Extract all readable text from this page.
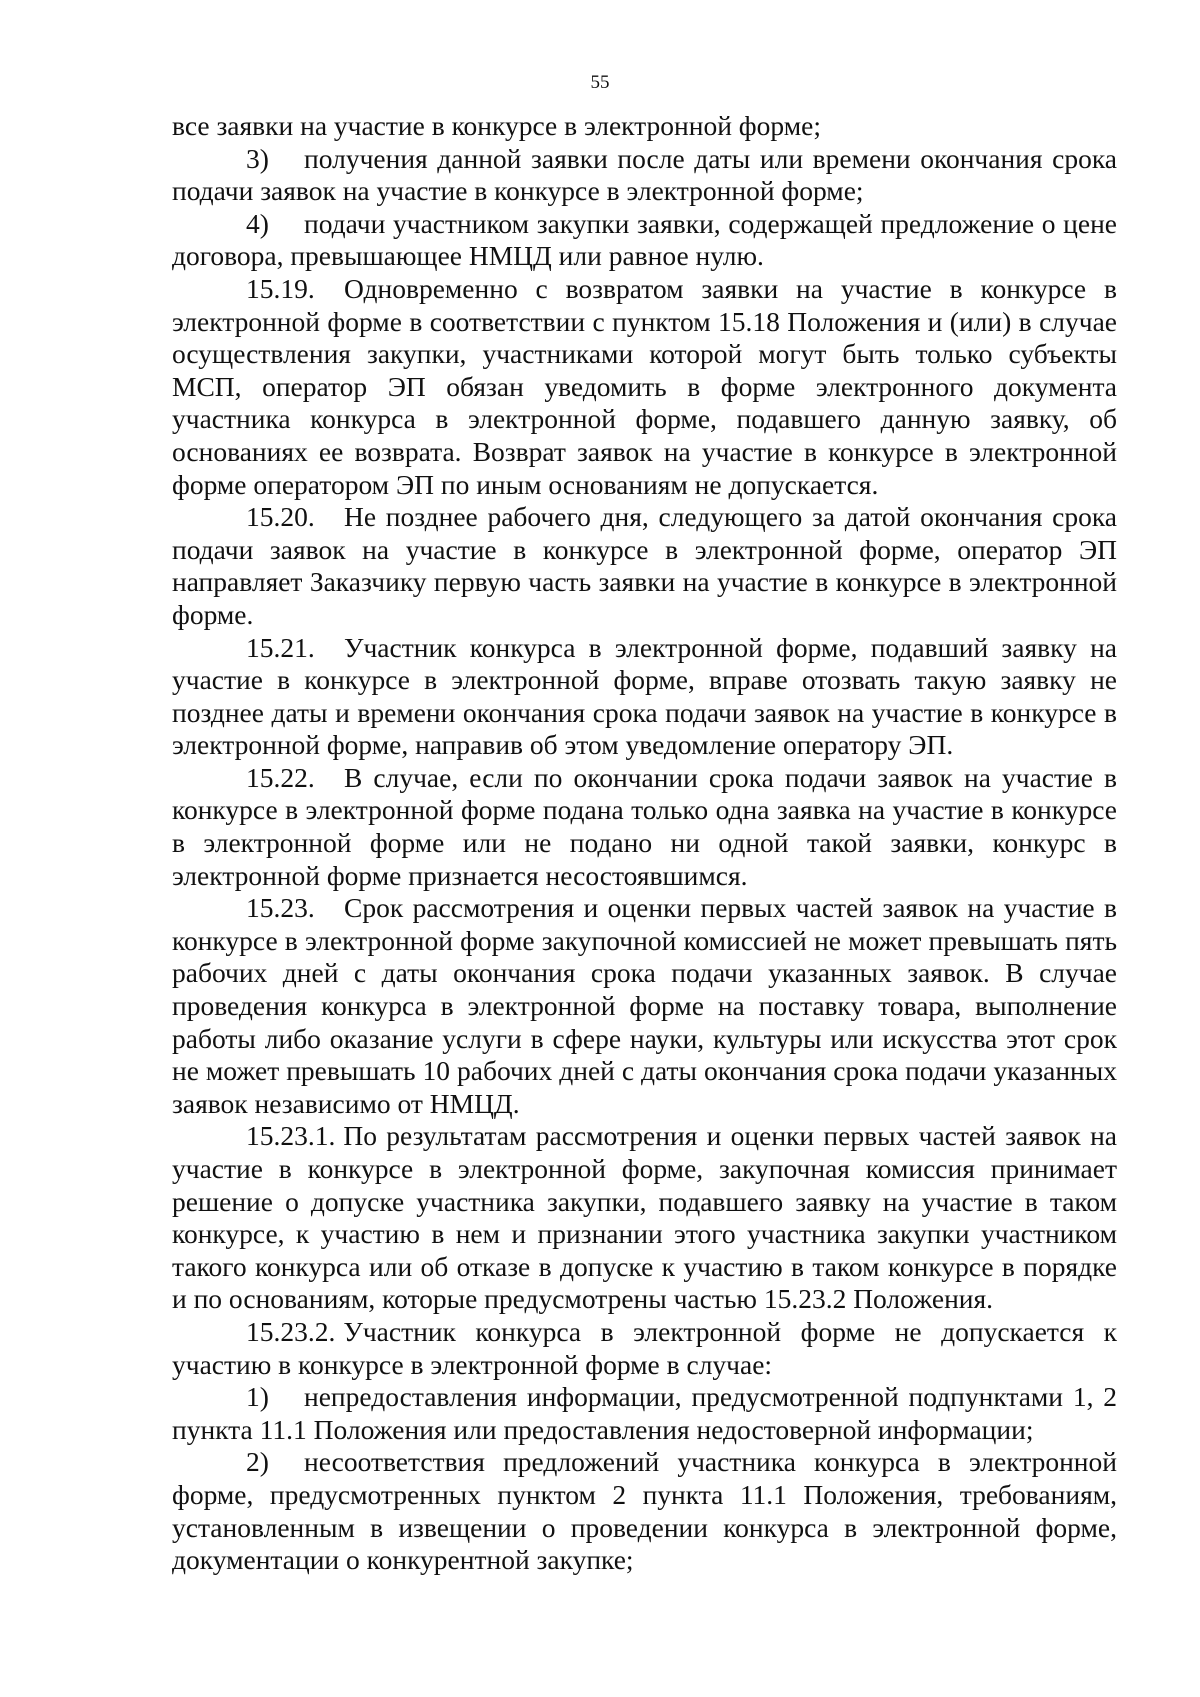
55

все заявки на участие в конкурсе в электронной форме;

3) получения данной заявки после даты или времени окончания срока подачи заявок на участие в конкурсе в электронной форме;

4) подачи участником закупки заявки, содержащей предложение о цене договора, превышающее НМЦД или равное нулю.

15.19. Одновременно с возвратом заявки на участие в конкурсе в электронной форме в соответствии с пунктом 15.18 Положения и (или) в случае осуществления закупки, участниками которой могут быть только субъекты МСП, оператор ЭП обязан уведомить в форме электронного документа участника конкурса в электронной форме, подавшего данную заявку, об основаниях ее возврата. Возврат заявок на участие в конкурсе в электронной форме оператором ЭП по иным основаниям не допускается.

15.20. Не позднее рабочего дня, следующего за датой окончания срока подачи заявок на участие в конкурсе в электронной форме, оператор ЭП направляет Заказчику первую часть заявки на участие в конкурсе в электронной форме.

15.21. Участник конкурса в электронной форме, подавший заявку на участие в конкурсе в электронной форме, вправе отозвать такую заявку не позднее даты и времени окончания срока подачи заявок на участие в конкурсе в электронной форме, направив об этом уведомление оператору ЭП.

15.22. В случае, если по окончании срока подачи заявок на участие в конкурсе в электронной форме подана только одна заявка на участие в конкурсе в электронной форме или не подано ни одной такой заявки, конкурс в электронной форме признается несостоявшимся.

15.23. Срок рассмотрения и оценки первых частей заявок на участие в конкурсе в электронной форме закупочной комиссией не может превышать пять рабочих дней с даты окончания срока подачи указанных заявок. В случае проведения конкурса в электронной форме на поставку товара, выполнение работы либо оказание услуги в сфере науки, культуры или искусства этот срок не может превышать 10 рабочих дней с даты окончания срока подачи указанных заявок независимо от НМЦД.

15.23.1. По результатам рассмотрения и оценки первых частей заявок на участие в конкурсе в электронной форме, закупочная комиссия принимает решение о допуске участника закупки, подавшего заявку на участие в таком конкурсе, к участию в нем и признании этого участника закупки участником такого конкурса или об отказе в допуске к участию в таком конкурсе в порядке и по основаниям, которые предусмотрены частью 15.23.2 Положения.

15.23.2. Участник конкурса в электронной форме не допускается к участию в конкурсе в электронной форме в случае:

1) непредоставления информации, предусмотренной подпунктами 1, 2 пункта 11.1 Положения или предоставления недостоверной информации;

2) несоответствия предложений участника конкурса в электронной форме, предусмотренных пунктом 2 пункта 11.1 Положения, требованиям, установленным в извещении о проведении конкурса в электронной форме, документации о конкурентной закупке;
